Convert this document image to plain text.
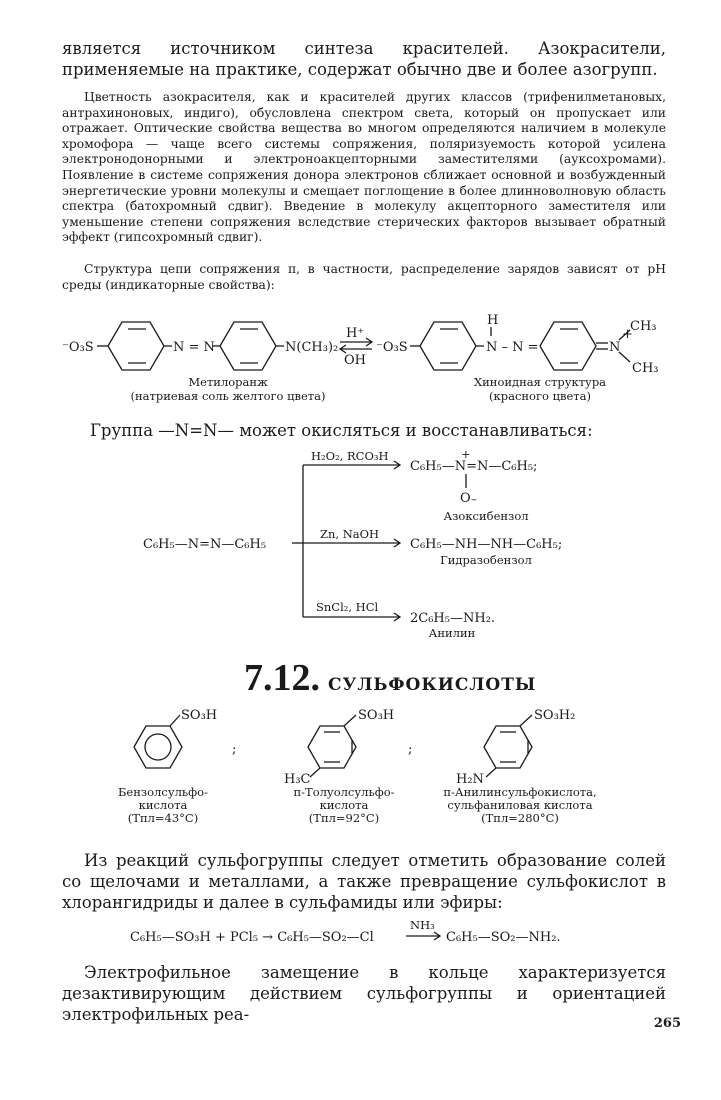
является источником синтеза красителей. Азокрасители, применяемые на практике, содержат обычно две и более азогрупп.

Цветность азокрасителя, как и красителей других классов (трифенилметановых, антрахиноновых, индиго), обусловлена спектром света, который он пропускает или отражает. Оптические свойства вещества во многом определяются наличием в молекуле хромофора — чаще всего системы сопряжения, поляризуемость которой усилена электронодонорными и электроноакцепторными заместителями (ауксохромами). Появление в системе сопряжения донора электронов сближает основной и возбужденный энергетические уровни молекулы и смещает поглощение в более длинноволновую область спектра (батохромный сдвиг). Введение в молекулу акцепторного заместителя или уменьшение степени сопряжения вследствие стерических факторов вызывает обратный эффект (гипсохромный сдвиг).

Структура цепи сопряжения π, в частности, распределение зарядов зависят от pH среды (индикаторные свойства):

⁻O₃S	N = N	N(CH₃)₂
H⁺
OH
⁻O₃S
H
N – N =	N
+
CH₃
CH₃
Метилоранж
(натриевая соль желтого цвета)
Хиноидная структура
(красного цвета)

Группа —N=N— может окисляться и восстанавливаться:

C₆H₅—N=N—C₆H₅
H₂O₂, RCO₃H
C₆H₅—N=N—C₆H₅;
+
O –
Азоксибензол
Zn, NaOH
C₆H₅—NH—NH—C₆H₅;
Гидразобензол
SnCl₂, HCl
2C₆H₅—NH₂.
Анилин
7.12. СУЛЬФОКИСЛОТЫ
SO₃H
;
SO₃H
H₃C
;
SO₃H₂
H₂N
Бензолсульфо-
кислота
(Tпл=43°C)
п-Толуолсульфо-
кислота
(Tпл=92°C)
п-Анилинсульфокислота,
сульфаниловая кислота
(Tпл=280°C)

Из реакций сульфогруппы следует отметить образование солей со щелочами и металлами, а также превращение сульфокислот в хлорангидриды и далее в сульфамиды или эфиры:

C₆H₅—SO₃H + PCl₅ → C₆H₅—SO₂—Cl
NH₃
C₆H₅—SO₂—NH₂.

Электрофильное замещение в кольце характеризуется дезактивирующим действием сульфогруппы и ориентацией электрофильных реа-	265
